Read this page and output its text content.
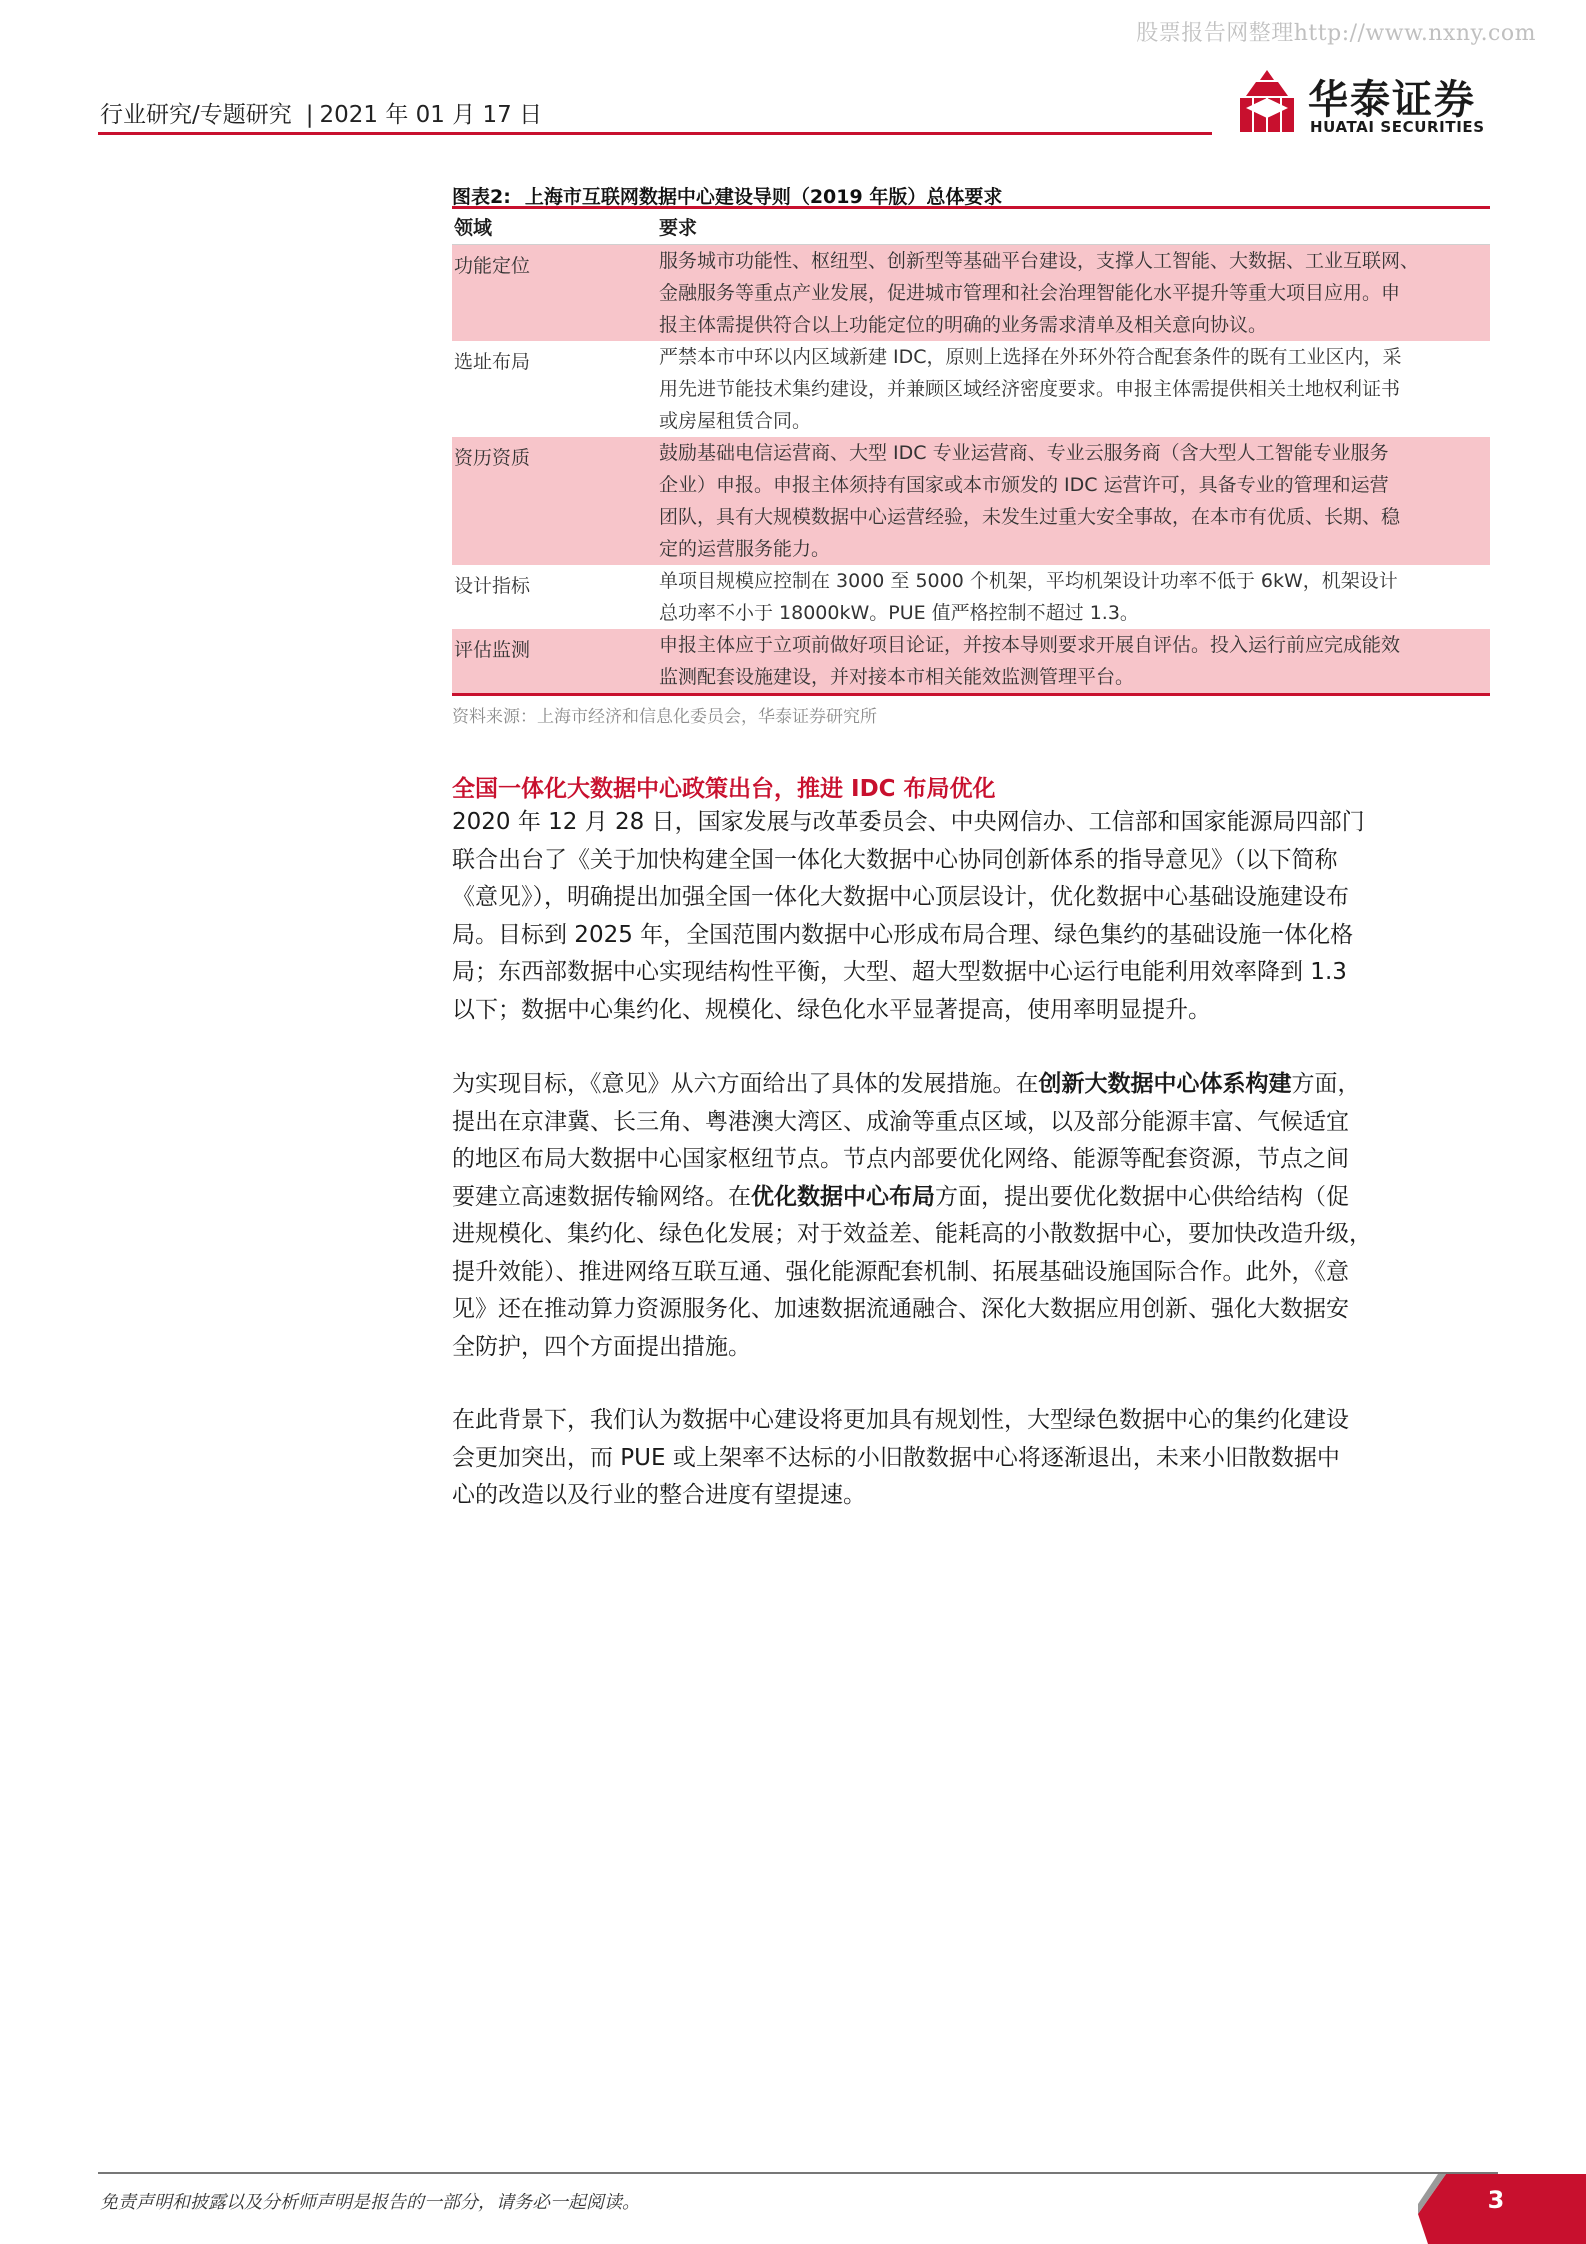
股票报告网整理http://www.nxny.com
行业研究/专题研究 | 2021 年 01 月 17 日	华泰证券
HUATAI SECURITIES
图表2: 上海市互联网数据中心建设导则（2019 年版）总体要求
领域	要求
功能定位	服务城市功能性、枢纽型、创新型等基础平台建设，支撑人工智能、大数据、工业互联网、
金融服务等重点产业发展，促进城市管理和社会治理智能化水平提升等重大项目应用。申
报主体需提供符合以上功能定位的明确的业务需求清单及相关意向协议。
选址布局	严禁本市中环以内区域新建 IDC，原则上选择在外环外符合配套条件的既有工业区内，采
用先进节能技术集约建设，并兼顾区域经济密度要求。申报主体需提供相关土地权利证书
或房屋租赁合同。
资历资质	鼓励基础电信运营商、大型 IDC 专业运营商、专业云服务商（含大型人工智能专业服务
企业）申报。申报主体须持有国家或本市颁发的 IDC 运营许可，具备专业的管理和运营
团队，具有大规模数据中心运营经验，未发生过重大安全事故，在本市有优质、长期、稳
定的运营服务能力。
设计指标	单项目规模应控制在 3000 至 5000 个机架，平均机架设计功率不低于 6kW，机架设计
总功率不小于 18000kW。PUE 值严格控制不超过 1.3。
评估监测	申报主体应于立项前做好项目论证，并按本导则要求开展自评估。投入运行前应完成能效
监测配套设施建设，并对接本市相关能效监测管理平台。
资料来源：上海市经济和信息化委员会，华泰证券研究所
全国一体化大数据中心政策出台，推进 IDC 布局优化
2020 年 12 月 28 日，国家发展与改革委员会、中央网信办、工信部和国家能源局四部门
联合出台了《关于加快构建全国一体化大数据中心协同创新体系的指导意见》（以下简称
《意见》），明确提出加强全国一体化大数据中心顶层设计，优化数据中心基础设施建设布
局。目标到 2025 年，全国范围内数据中心形成布局合理、绿色集约的基础设施一体化格
局；东西部数据中心实现结构性平衡，大型、超大型数据中心运行电能利用效率降到 1.3
以下；数据中心集约化、规模化、绿色化水平显著提高，使用率明显提升。
为实现目标，《意见》从六方面给出了具体的发展措施。在创新大数据中心体系构建方面，
提出在京津冀、长三角、粤港澳大湾区、成渝等重点区域，以及部分能源丰富、气候适宜
的地区布局大数据中心国家枢纽节点。节点内部要优化网络、能源等配套资源，节点之间
要建立高速数据传输网络。在优化数据中心布局方面，提出要优化数据中心供给结构（促
进规模化、集约化、绿色化发展；对于效益差、能耗高的小散数据中心，要加快改造升级，
提升效能）、推进网络互联互通、强化能源配套机制、拓展基础设施国际合作。此外，《意
见》还在推动算力资源服务化、加速数据流通融合、深化大数据应用创新、强化大数据安
全防护，四个方面提出措施。
在此背景下，我们认为数据中心建设将更加具有规划性，大型绿色数据中心的集约化建设
会更加突出，而 PUE 或上架率不达标的小旧散数据中心将逐渐退出，未来小旧散数据中
心的改造以及行业的整合进度有望提速。
免责声明和披露以及分析师声明是报告的一部分，请务必一起阅读。	3
